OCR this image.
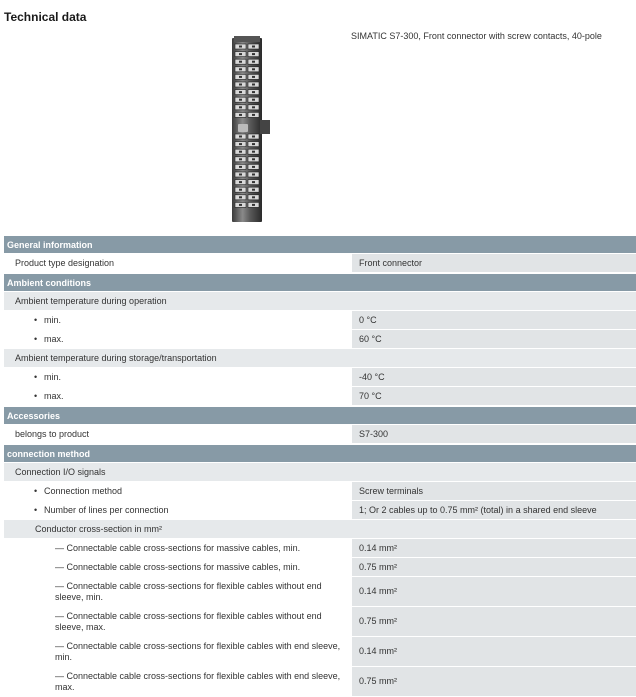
Technical data
SIMATIC S7-300, Front connector with screw contacts, 40-pole
General information	
Product type designation	Front connector
Ambient conditions	
Ambient temperature during operation	
• min.	0 °C
• max.	60 °C
Ambient temperature during storage/transportation	
• min.	-40 °C
• max.	70 °C
Accessories	
belongs to product	S7-300
connection method	
Connection I/O signals	
• Connection method	Screw terminals
• Number of lines per connection	1; Or 2 cables up to 0.75 mm² (total) in a shared end sleeve
Conductor cross-section in mm²	
— Connectable cable cross-sections for massive cables, min.	0.14 mm²
— Connectable cable cross-sections for massive cables, min.	0.75 mm²
— Connectable cable cross-sections for flexible cables without end sleeve, min.	0.14 mm²
— Connectable cable cross-sections for flexible cables without end sleeve, max.	0.75 mm²
— Connectable cable cross-sections for flexible cables with end sleeve, min.	0.14 mm²
— Connectable cable cross-sections for flexible cables with end sleeve, max.	0.75 mm²
